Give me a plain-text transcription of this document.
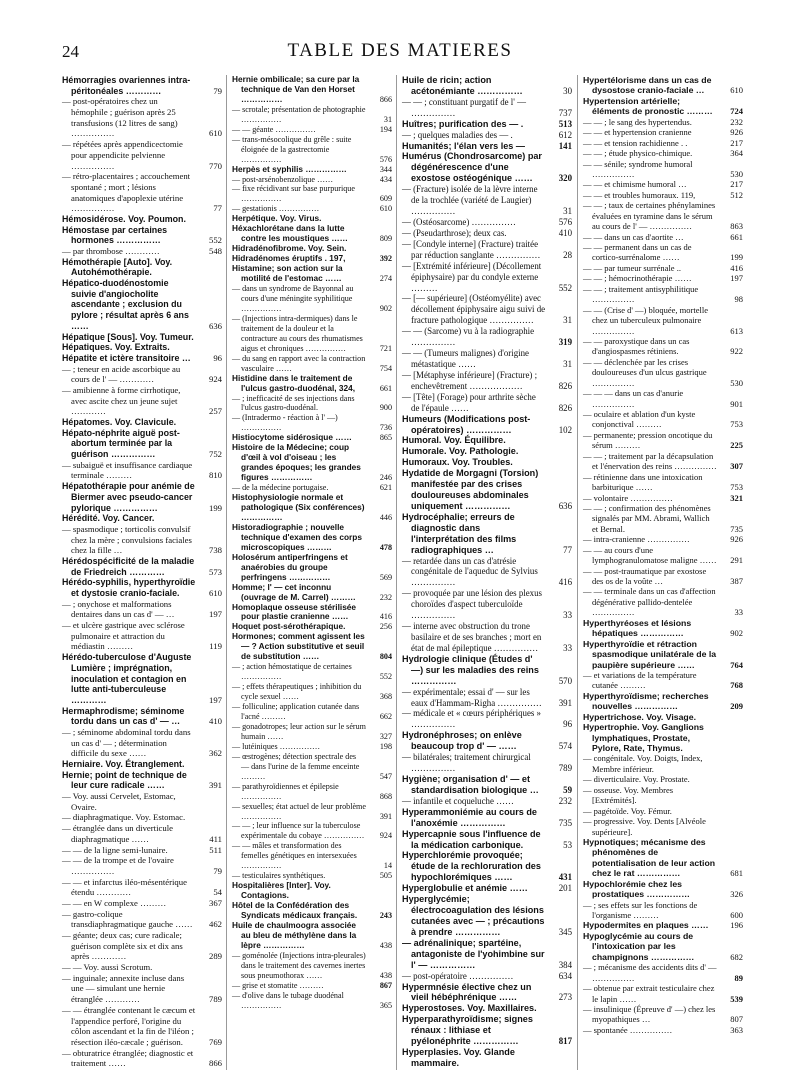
24	TABLE DES MATIERES
Hémorragies ovariennes intra-péritonéales …………	79
— post-opératoires chez un hémophile ; guérison après 25 transfusions (12 litres de sang) ……………	610
— répétées après appendicectomie pour appendicite pelvienne ……………	770
— rétro-placentaires ; accouchement spontané ; mort ; lésions anatomiques d'apoplexie utérine ……………	77
Hémosidérose. Voy. Poumon.
Hémostase par certaines hormones ……………	552
— par thrombose …………	548
Hémothérapie [Auto]. Voy. Autohémothérapie.
Hépatico-duodénostomie suivie d'angiocholite ascendante ; exclusion du pylore ; résultat après 6 ans ……	636
Hépatique [Sous]. Voy. Tumeur.
Hépatiques. Voy. Extraits.
Hépatite et ictère transitoire …	96
— ; teneur en acide ascorbique au cours de l' — …………	924
— amibienne à forme cirrhotique, avec ascite chez un jeune sujet …………	257
Hépatomes. Voy. Clavicule.
Hépato-néphrite aiguë post-abortum terminée par la guérison ……………	752
— subaiguë et insuffisance cardiaque terminale ………	810
Hépatothérapie pour anémie de Biermer avec pseudo-cancer pylorique ……………	199
Hérédité. Voy. Cancer.
— spasmodique ; torticolis convulsif chez la mère ; convulsions faciales chez la fille …	738
Hérédospécificité de la maladie de Friedreich …………	573
Hérédo-syphilis, hyperthyroïdie et dystosie cranio-faciale.	610
— ; onychose et malformations dentaires dans un cas d' — …	197
— et ulcère gastrique avec sclérose pulmonaire et attraction du médiastin ………	119
Hérédo-tuberculose d'Auguste Lumière ; imprégnation, inoculation et contagion en lutte anti-tuberculeuse …………	197
Hermaphrodisme; séminome tordu dans un cas d' — …	410
— ; séminome abdominal tordu dans un cas d' — ; détermination difficile du sexe ……	362
Herniaire. Voy. Étranglement.
Hernie; point de technique de leur cure radicale ……	391
— Voy. aussi Cervelet, Estomac, Ovaire.
— diaphragmatique. Voy. Estomac.
— étranglée dans un diverticule diaphragmatique ……	411
— — de la ligne semi-lunaire.	511
— — de la trompe et de l'ovaire ……………	79
— — et infarctus iléo-mésentérique étendu …………	54
— — en W complexe ………	367
— gastro-colique transdiaphragmatique gauche …… 462
— géante; deux cas; cure radicale; guérison complète six et dix ans après …………	289
— — Voy. aussi Scrotum.
— inguinale; annexite incluse dans une — simulant une hernie étranglée …………	789
— — étranglée contenant le cæcum et l'appendice perforé, l'origine du côlon ascendant et la fin de l'iléon ; résection iléo-cæcale ; guérison.	769
— obturatrice étranglée; diagnostic et traitement ……	866
Hernie ombilicale; sa cure par la technique de Van den Horset ……………	866
— scrotale; présentation de photographie ……………	31
— — géante ……………	194
— trans-mésocolique du grêle : suite éloignée de la gastrectomie ……………	576
Herpès et syphilis ……………	344
— post-arsénobenzolique ……	434
— fixe récidivant sur base purpurique ……………	609
— gestationis ……………	610
Herpétique. Voy. Virus.
Héxachlorétane dans la lutte contre les moustiques ……	809
Hidradénofibrome. Voy. Sein.
Hidradénomes éruptifs . 197,	392
Histamine; son action sur la motilité de l'estomac ……	274
— dans un syndrome de Bayonnal au cours d'une méningite syphilitique ……………	902
— (Injections intra-dermiques) dans le traitement de la douleur et la contracture au cours des rhumatismes aigus et chroniques ……………	721
— du sang en rapport avec la contraction vasculaire ……	754
Histidine dans le traitement de l'ulcus gastro-duodénal, 324,	661
— ; inefficacité de ses injections dans l'ulcus gastro-duodénal.	900
— (Intradermo - réaction à l' —) ……………	736
Histiocytome sidérosique ……	865
Histoire de la Médecine; coup d'œil à vol d'oiseau ; les grandes époques; les grandes figures ……………	246
— de la médecine portugaise.	621
Histophysiologie normale et pathologique (Six conférences) ……………	446
Historadiographie ; nouvelle technique d'examen des corps microscopiques ………	478
Holosérum antiperfringens et anaérobies du groupe perfringens ……………	569
Homme; l' — cet inconnu (ouvrage de M. Carrel) ………	232
Homoplaque osseuse stérilisée pour plastie cranienne ……	416
Hoquet post-sérothérapique.	256
Hormones; comment agissent les — ? Action substitutive et seuil de substitution ……	804
— ; action hémostatique de certaines ……………	552
— ; effets thérapeutiques ; inhibition du cycle sexuel ……	368
— folliculine; application cutanée dans l'acné ………	662
— gonadotropes; leur action sur le sérum humain ……	327
— lutéiniques ……………	198
— œstrogènes; détection spectrale des — dans l'urine de la femme enceinte ………	547
— parathyroïdiennes et épilepsie ……………	868
— sexuelles; état actuel de leur problème ……………	391
— — ; leur influence sur la tuberculose expérimentale du cobaye …………… 924
— — mâles et transformation des femelles génétiques en intersexuées ……………	14
— testiculaires synthétiques.	505
Hospitalières [Inter]. Voy. Contagions.
Hôtel de la Confédération des Syndicats médicaux français.	243
Huile de chaulmoogra associée au bleu de méthylène dans la lèpre ……………	438
— goménolée (Injections intra-pleurales) dans le traitement des cavernes inertes sous pneumothorax ……	438
— grise et stomatite ………	867
— d'olive dans le tubage duodénal ……………	365
Huile de ricin; action acétonémiante ……………	30
— — ; constituant purgatif de l' — ……………	737
Huîtres; purification des — .	513
— ; quelques maladies des — .	612
Humanités; l'élan vers les —	141
Humérus (Chondrosarcome) par dégénérescence d'une exostose ostéogénique ……	320
— (Fracture) isolée de la lèvre interne de la trochlée (variété de Laugier) ……………	31
— (Ostéosarcome) ……………	576
— (Pseudarthrose); deux cas.	410
— [Condyle interne] (Fracture) traitée par réduction sanglante ……………	28
— [Extrémité inférieure] (Décollement épiphysaire) par du condyle externe ………	552
— [— supérieure] (Ostéomyélite) avec décollement épiphysaire aigu suivi de fracture pathologique ……………	31
— — (Sarcome) vu à la radiographie ……………	319
— — (Tumeurs malignes) d'origine métastatique ……	31
— [Métaphyse inférieure] (Fracture) ; enchevêtrement ………………	826
— [Tête] (Forage) pour arthrite sèche de l'épaule ……	826
Humeurs (Modifications post-opératoires) ……………	102
Humoral. Voy. Équilibre.
Humorale. Voy. Pathologie.
Humoraux. Voy. Troubles.
Hydatide de Morgagni (Torsion) manifestée par des crises douloureuses abdominales uniquement ……………	636
Hydrocéphalie; erreurs de diagnostic dans l'interprétation des films radiographiques …	77
— retardée dans un cas d'atrésie congénitale de l'aqueduc de Sylvius ……………	416
— provoquée par une lésion des plexus choroïdes d'aspect tuberculoïde ……………	33
— interne avec obstruction du trone basilaire et de ses branches ; mort en état de mal épileptique ……………	33
Hydrologie clinique (Études d' —) sur les maladies des reins ……………	570
— expérimentale; essai d' — sur les eaux d'Hammam-Righa …………… 391
— médicale et « cœurs périphériques » ……………	96
Hydronéphroses; on enlève beaucoup trop d' — ……	574
— bilatérales; traitement chirurgical ……………	789
Hygiène; organisation d' — et standardisation biologique …	59
— infantile et coqueluche ……	232
Hyperammoniémie au cours de l'anoxémie ……………	735
Hypercapnie sous l'influence de la médication carbonique.	53
Hyperchlorémie provoquée; étude de la rechloruration des hypochlorémiques ……	431
Hyperglobulie et anémie ……	201
Hyperglycémie; électrocoagulation des lésions cutanées avec — ; précautions à prendre ……………	345
— adrénalinique; spartéine, antagoniste de l'yohimbine sur l' — ……………	384
— post-opératoire ……………	634
Hypermnésie élective chez un vieil hébéphrénique ……	273
Hyperostoses. Voy. Maxillaires.
Hyperparathyroïdisme; signes rénaux : lithiase et pyélonéphrite ……………	817
Hyperplasies. Voy. Glande mammaire.
Hypertélorisme dans un cas de dysostose cranio-faciale …	610
Hypertension artérielle; éléments de pronostic ……… 724
— — ; le sang des hypertendus.	232
— — et hypertension cranienne	926
— — et tension rachidienne . .	217
— — ; étude physico-chimique.	364
— — sénile; syndrome humoral ……………	530
— — et chimisme humoral …	217
— — et troubles humoraux. 119,	512
— — ; taux de certaines phénylamines évaluées en tyramine dans le sérum au cours de l' — ……………	863
— — dans un cas d'aortite …	661
— — permanent dans un cas de cortico-surrénalome ……	199
— — par tumeur surrénale ..	416
— — ; hémocrinothérapie ……	197
— — ; traitement antisyphilitique ……………	98
— — (Crise d' —) bloquée, mortelle chez un tuberculeux pulmonaire ……………	613
— — paroxystique dans un cas d'angiospasmes rétiniens.	922
— — déclenchée par les crises douloureuses d'un ulcus gastrique ……………	530
— — — dans un cas d'anurie ……………	901
— oculaire et ablation d'un kyste conjonctival ………	753
— permanente; pression oncotique du sérum ………	225
— — ; traitement par la décapsulation et l'énervation des reins …………… 307
— rétinienne dans une intoxication barbiturique ……	753
— volontaire ……………	321
— — ; confirmation des phénomènes signalés par MM. Abrami, Wallich et Bernal.	735
— intra-cranienne ……………	926
— — au cours d'une lymphogranulomatose maligne …… 291
— — post-traumatique par exostose des os de la voûte …	387
— — terminale dans un cas d'affection dégénérative pallido-dentelée ……………	33
Hyperthyréoses et lésions hépatiques ……………	902
Hyperthyroïdie et rétraction spasmodique unilatérale de la paupière supérieure ……	764
— et variations de la température cutanée ………	768
Hyperthyroïdisme; recherches nouvelles ……………	209
Hypertrichose. Voy. Visage.
Hypertrophie. Voy. Ganglions lymphatiques, Prostate, Pylore, Rate, Thymus.
— congénitale. Voy. Doigts, Index, Membre inférieur.
— diverticulaire. Voy. Prostate.
— osseuse. Voy. Membres [Extrémités].
— pagétoïde. Voy. Fémur.
— progressive. Voy. Dents [Alvéole supérieure].
Hypnotiques; mécanisme des phénomènes de potentialisation de leur action chez le rat ……………	681
Hypochlorémie chez les prostatiques ……………	326
— ; ses effets sur les fonctions de l'organisme ………	600
Hypodermites en plaques ……	196
Hypoglycémie au cours de l'intoxication par les champignons ……………	682
— ; mécanisme des accidents dits d' — ……………	89
— obtenue par extrait testiculaire chez le lapin ……	539
— insulinique (Épreuve d' —) chez les myopathiques …	807
— spontanée ……………	363
